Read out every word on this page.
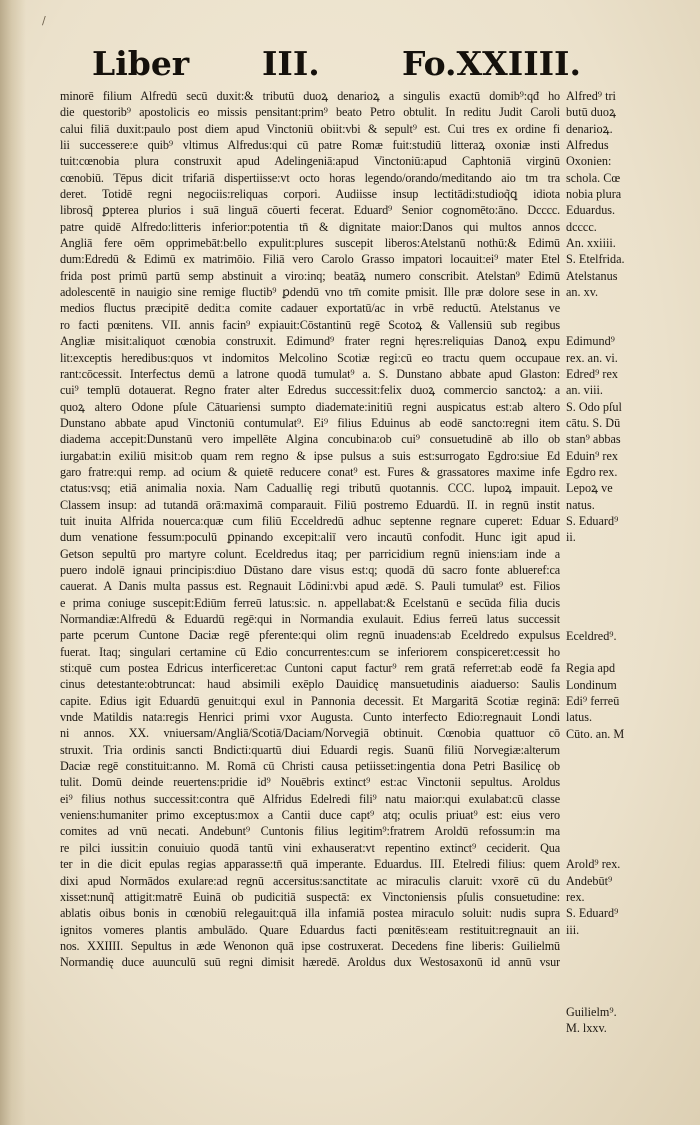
/
Liber III. Fo.XXIIII.
minorē filium Alfredū secū duxit:& tributū duoꝝ denarioꝝ a singulis exactū domib⁹:qđ ho
die questorib⁹ apostolicis eo missis pensitant:prim⁹ beato Petro obtulit. In reditu Judit Caroli
calui filiā duxit:paulo post diem apud Vinctoniū obiit:vbi & sepult⁹ est. Cui tres ex ordine fi
lii successere:e quib⁹ vltimus Alfredus:qui cū patre Romæ fuit:studiū litteraꝝ oxoniæ insti
tuit:cœnobia plura construxit apud Adelingeniā:apud Vinctoniū:apud Caphtoniā virginū
cœnobiū. Tēpus dicit trifariā dispertiisse:vt octo horas legendo/orando/meditando aio tm tra
deret. Totidē regni negociis:reliquas corpori. Audiisse insup lectitādi:studioq̃ꝗ idiota
librosq̃ ꝑpterea plurios i suā linguā cōuerti fecerat. Eduard⁹ Senior cognomēto:āno. Dcccc.
patre quidē Alfredo:litteris inferior:potentia tn̄ & dignitate maior:Danos qui multos annos
Angliā fere oēm opprimebāt:bello expulit:plures suscepit liberos:Atelstanū nothū:& Edimū
dum:Edredū & Edimū ex matrimōio. Filiā vero Carolo Grasso impatori locauit:ei⁹ mater Etel
frida post primū partū semp abstinuit a viro:inq; beatāꝝ numero conscribit. Atelstan⁹ Edimū
adolescentē in nauigio sine remige fluctib⁹ ꝑdendū vno tm̄ comite pmisit. Ille præ dolore sese in
medios fluctus præcipitē dedit:a comite cadauer exportatū/ac in vrbē reductū. Atelstanus ve
ro facti pœnitens. VII. annis facin⁹ expiauit:Cōstantinū regē Scotoꝝ & Vallensiū sub regibus
Angliæ misit:aliquot cœnobia construxit. Edimund⁹ frater regni hęres:reliquias Danoꝝ expu
lit:exceptis heredibus:quos vt indomitos Melcolino Scotiæ regi:cū eo tractu quem occupaue
rant:cōcessit. Interfectus demū a latrone quodā tumulat⁹ a. S. Dunstano abbate apud Glaston:
cui⁹ templū dotauerat. Regno frater alter Edredus successit:felix duoꝝ commercio sanctoꝝ: a
quoꝝ altero Odone pſule Cātuariensi sumpto diademate:initiū regni auspicatus est:ab altero
Dunstano abbate apud Vinctoniū contumulat⁹. Ei⁹ filius Eduinus ab eodē sancto:regni item
diadema accepit:Dunstanū vero impellēte Algina concubina:ob cui⁹ consuetudinē ab illo ob
iurgabat:in exiliū misit:ob quam rem regno & ipse pulsus a suis est:surrogato Egdro:siue Ed
garo fratre:qui remp. ad ocium & quietē reducere conat⁹ est. Fures & grassatores maxime infe
ctatus:vsq; etiā animalia noxia. Nam Caduallię regi tributū quotannis. CCC. lupoꝝ impauit.
Classem insup: ad tutandā orā:maximā comparauit. Filiū postremo Eduardū. II. in regnū instit
tuit inuita Alfrida nouerca:quæ cum filiū Ecceldredū adhuc septenne regnare cuperet: Eduar
dum venatione fessum:poculū ꝑpinando excepit:aliī vero incautū confodit. Hunc igit apud
Getson sepultū pro martyre colunt. Eceldredus itaq; per parricidium regnū iniens:iam inde a
puero indolē ignaui principis:diuo Dūstano dare visus est:q; quodā dū sacro fonte ablueref:ca
cauerat. A Danis multa passus est. Regnauit Lōdini:vbi apud ædē. S. Pauli tumulat⁹ est. Filios
e prima coniuge suscepit:Ediūm ferreū latus:sic. n. appellabat:& Ecelstanū e secūda filia ducis
Normandiæ:Alfredū & Eduardū regē:qui in Normandia exulauit. Edius ferreū latus successit
parte pcerum Cuntone Daciæ regē pferente:qui olim regnū inuadens:ab Eceldredo expulsus
fuerat. Itaq; singulari certamine cū Edio concurrentes:cum se inferiorem conspiceret:cessit ho
sti:quē cum postea Edricus interficeret:ac Cuntoni caput factur⁹ rem gratā referret:ab eodē fa
cinus detestante:obtruncat: haud absimili exēplo Dauidicę mansuetudinis aiaduerso: Saulis
capite. Edius igit Eduardū genuit:qui exul in Pannonia decessit. Et Margaritā Scotiæ reginā:
vnde Matildis nata:regis Henrici primi vxor Augusta. Cunto interfecto Edio:regnauit Londi
ni annos. XX. vniuersam/Angliā/Scotiā/Daciam/Norvegiā obtinuit. Cœnobia quattuor cō
struxit. Tria ordinis sancti Bndicti:quartū diui Eduardi regis. Suanū filiū Norvegiæ:alterum
Daciæ regē constituit:anno. M. Romā cū Christi causa petiisset:ingentia dona Petri Basilicę ob
tulit. Domū deinde reuertens:pridie id⁹ Nouēbris extinct⁹ est:ac Vinctonii sepultus. Aroldus
ei⁹ filius nothus successit:contra quē Alfridus Edelredi fili⁹ natu maior:qui exulabat:cū classe
veniens:humaniter primo exceptus:mox a Cantii duce capt⁹ atq; oculis priuat⁹ est: eius vero
comites ad vnū necati. Andebunt⁹ Cuntonis filius legitim⁹:fratrem Aroldū refossum:in ma
re pilci iussit:in conuiuio quodā tantū vini exhauserat:vt repentino extinct⁹ ceciderit. Qua
ter in die dicit epulas regias apparasse:tn̄ quā imperante. Eduardus. III. Etelredi filius: quem
dixi apud Normādos exulare:ad regnū accersitus:sanctitate ac miraculis claruit: vxorē cū du
xisset:nunq̃ attigit:matrē Euinā ob pudicitiā suspectā: ex Vinctoniensis pſulis consuetudine:
ablatis oibus bonis in cœnobiū relegauit:quā illa infamiā postea miraculo soluit: nudis supra
ignitos vomeres plantis ambulādo. Quare Eduardus facti pœnitēs:eam restituit:regnauit an
nos. XXIIII. Sepultus in æde Wenonon quā ipse costruxerat. Decedens fine liberis: Guilielmū
Normandię duce auunculū suū regni dimisit hæredē. Aroldus dux Westosaxonū id annū vsur
Alfred⁹ tri
butū duoꝝ
denarioꝝ.
Alfredus
Oxonien:
schola. Cœ
nobia plura
Eduardus.
dcccc.
An. xxiiii.
S. Etelfrida.
Atelstanus
an. xv.
Edimund⁹
rex. an. vi.
Edred⁹ rex
an. viii.
S. Odo pſul
cātu. S. Dū
stan⁹ abbas
Eduin⁹ rex
Egdro rex.
Lepoꝝ ve
natus.
S. Eduard⁹
ii.
Eceldred⁹.
Regia apd
Londinum
Edi⁹ ferreū
latus.
Cūto. an. M
Arold⁹ rex.
Andebūt⁹
rex.
S. Eduard⁹
iii.
Guilielm⁹.
M. lxxv.
